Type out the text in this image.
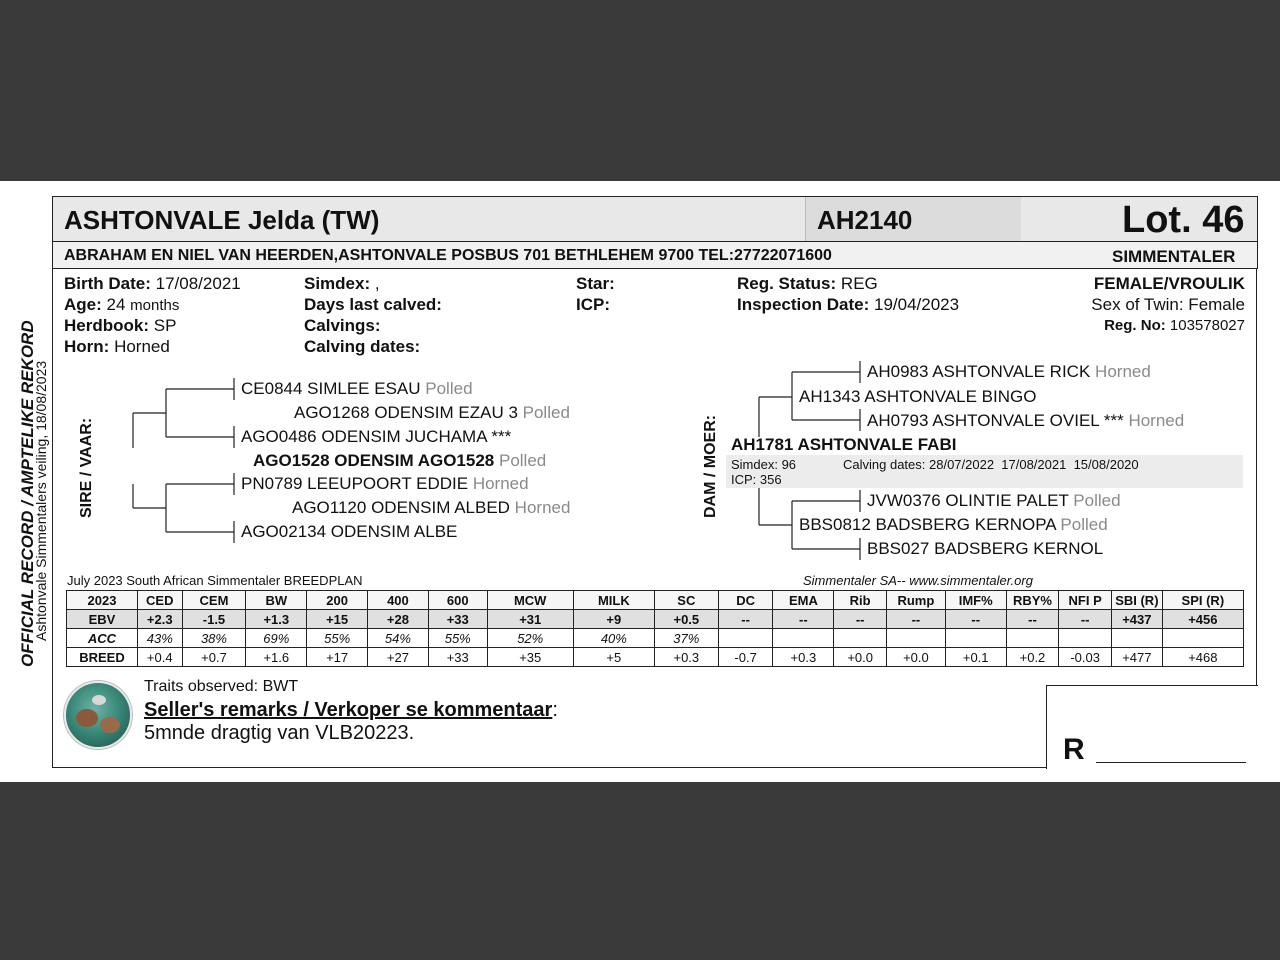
OFFICIAL RECORD / AMPTELIKE REKORD
Ashtonvale Simmentalers veiling, 18/08/2023
ASHTONVALE Jelda (TW)	AH2140	Lot. 46
ABRAHAM EN NIEL VAN HEERDEN,ASHTONVALE POSBUS 701 BETHLEHEM 9700 TEL:27722071600	SIMMENTALER
Birth Date: 17/08/2021
Age: 24 months
Herdbook: SP
Horn: Horned
Simdex: ,
Days last calved:
Calvings:
Calving dates:
Star:
ICP:
Reg. Status: REG
Inspection Date: 19/04/2023
FEMALE/VROULIK
Sex of Twin: Female
Reg. No: 103578027
SIRE / VAAR:
CE0844 SIMLEE ESAU Polled
AGO1268 ODENSIM EZAU 3 Polled
AGO0486 ODENSIM JUCHAMA ***
AGO1528 ODENSIM AGO1528 Polled
PN0789 LEEUPOORT EDDIE Horned
AGO1120 ODENSIM ALBED Horned
AGO02134 ODENSIM ALBE
DAM / MOER:
AH0983 ASHTONVALE RICK Horned
AH1343 ASHTONVALE BINGO
AH0793 ASHTONVALE OVIEL *** Horned
AH1781 ASHTONVALE FABI
Simdex: 96	Calving dates: 28/07/2022  17/08/2021  15/08/2020
ICP: 356
JVW0376 OLINTIE PALET Polled
BBS0812 BADSBERG KERNOPA Polled
BBS027 BADSBERG KERNOL
July 2023 South African Simmentaler BREEDPLAN	Simmentaler SA-- www.simmentaler.org
2023	CED	CEM	BW	200	400	600	MCW	MILK	SC	DC	EMA	Rib	Rump	IMF%	RBY%	NFI P	SBI (R)	SPI (R)
EBV	+2.3	-1.5	+1.3	+15	+28	+33	+31	+9	+0.5	--	--	--	--	--	--	--	+437	+456
ACC	43%	38%	69%	55%	54%	55%	52%	40%	37%									
BREED	+0.4	+0.7	+1.6	+17	+27	+33	+35	+5	+0.3	-0.7	+0.3	+0.0	+0.0	+0.1	+0.2	-0.03	+477	+468
Traits observed: BWT
Seller's remarks / Verkoper se kommentaar:
5mnde dragtig van VLB20223.	R
